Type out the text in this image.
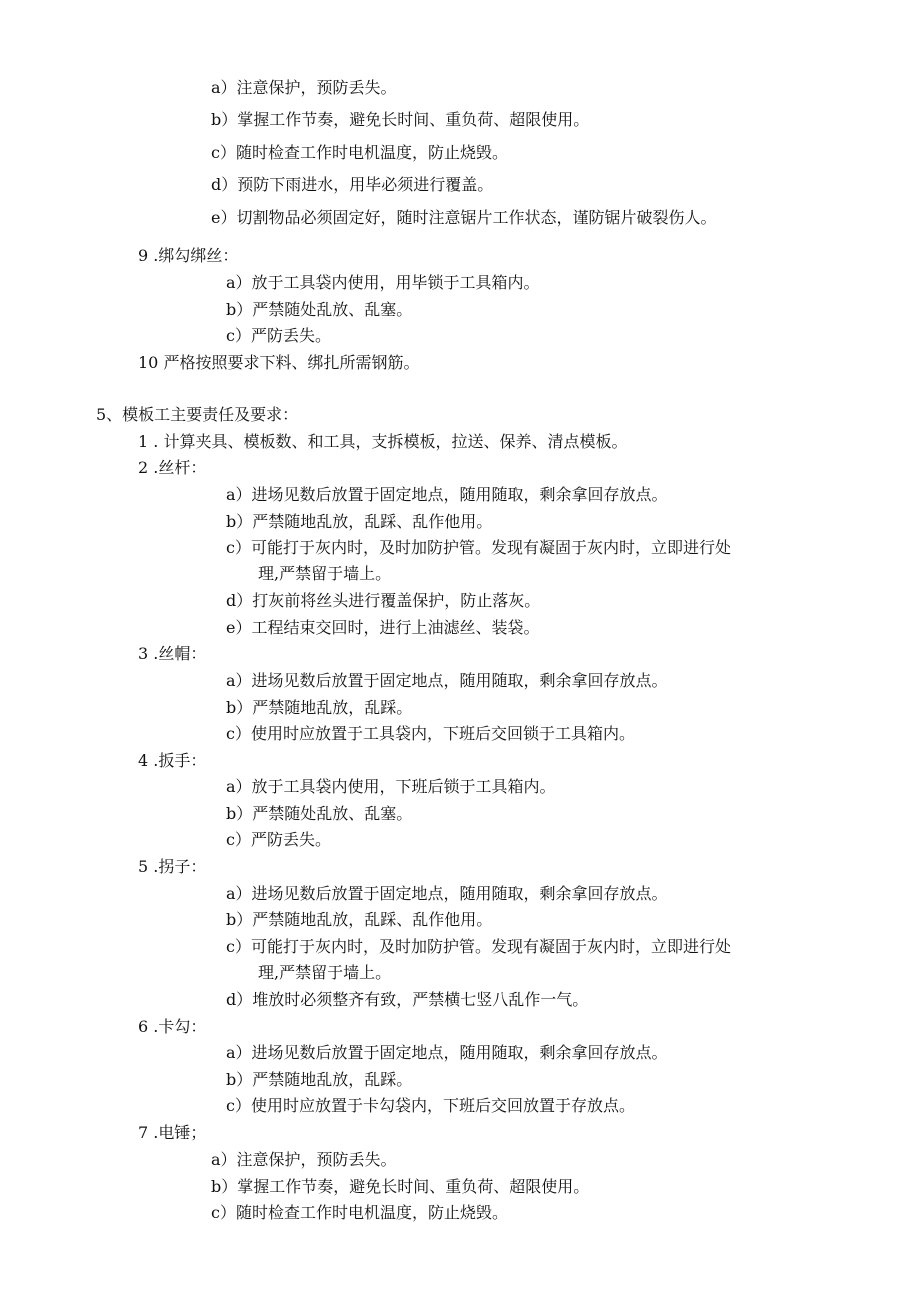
a）注意保护，预防丢失。
b）掌握工作节奏，避免长时间、重负荷、超限使用。
c）随时检查工作时电机温度，防止烧毁。
d）预防下雨进水，用毕必须进行覆盖。
e）切割物品必须固定好，随时注意锯片工作状态，谨防锯片破裂伤人。
9 .绑勾绑丝：
a）放于工具袋内使用，用毕锁于工具箱内。
b）严禁随处乱放、乱塞。
c）严防丢失。
10 严格按照要求下料、绑扎所需钢筋。
5、模板工主要责任及要求：
1 . 计算夹具、模板数、和工具，支拆模板，拉送、保养、清点模板。
2 .丝杆：
a）进场见数后放置于固定地点，随用随取，剩余拿回存放点。
b）严禁随地乱放，乱踩、乱作他用。
c）可能打于灰内时，及时加防护管。发现有凝固于灰内时，立即进行处
理,严禁留于墙上。
d）打灰前将丝头进行覆盖保护，防止落灰。
e）工程结束交回时，进行上油滤丝、装袋。
3 .丝帽：
a）进场见数后放置于固定地点，随用随取，剩余拿回存放点。
b）严禁随地乱放，乱踩。
c）使用时应放置于工具袋内，下班后交回锁于工具箱内。
4 .扳手：
a）放于工具袋内使用，下班后锁于工具箱内。
b）严禁随处乱放、乱塞。
c）严防丢失。
5 .拐子：
a）进场见数后放置于固定地点，随用随取，剩余拿回存放点。
b）严禁随地乱放，乱踩、乱作他用。
c）可能打于灰内时，及时加防护管。发现有凝固于灰内时，立即进行处
理,严禁留于墙上。
d）堆放时必须整齐有致，严禁横七竖八乱作一气。
6 .卡勾：
a）进场见数后放置于固定地点，随用随取，剩余拿回存放点。
b）严禁随地乱放，乱踩。
c）使用时应放置于卡勾袋内，下班后交回放置于存放点。
7 .电锤；
a）注意保护，预防丢失。
b）掌握工作节奏，避免长时间、重负荷、超限使用。
c）随时检查工作时电机温度，防止烧毁。
